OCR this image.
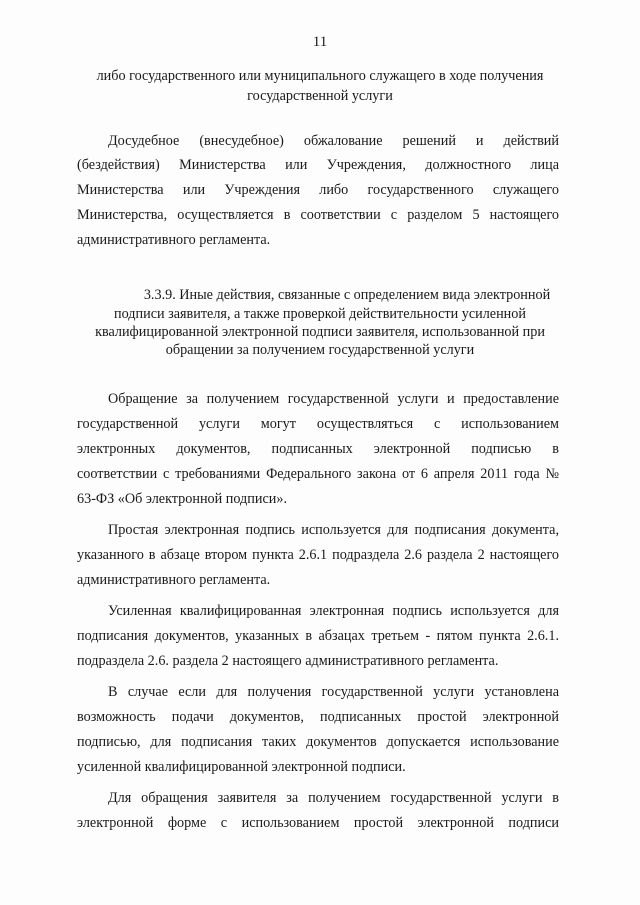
11
либо государственного или муниципального служащего в ходе получения
государственной услуги
Досудебное (внесудебное) обжалование решений и действий
(бездействия) Министерства или Учреждения, должностного лица
Министерства или Учреждения либо государственного служащего
Министерства, осуществляется в соответствии с разделом 5 настоящего
административного регламента.
3.3.9. Иные действия, связанные с определением вида электронной
подписи заявителя, а также проверкой действительности усиленной
квалифицированной электронной подписи заявителя, использованной при
обращении за получением государственной услуги
Обращение за получением государственной услуги и предоставление
государственной услуги могут осуществляться с использованием
электронных документов, подписанных электронной подписью в
соответствии с требованиями Федерального закона от 6 апреля 2011 года №
63-ФЗ «Об электронной подписи».
Простая электронная подпись используется для подписания документа,
указанного в абзаце втором пункта 2.6.1 подраздела 2.6 раздела 2 настоящего
административного регламента.
Усиленная квалифицированная электронная подпись используется для
подписания документов, указанных в абзацах третьем - пятом пункта 2.6.1.
подраздела 2.6. раздела 2 настоящего административного регламента.
В случае если для получения государственной услуги установлена
возможность подачи документов, подписанных простой электронной
подписью, для подписания таких документов допускается использование
усиленной квалифицированной электронной подписи.
Для обращения заявителя за получением государственной услуги в
электронной форме с использованием простой электронной подписи
